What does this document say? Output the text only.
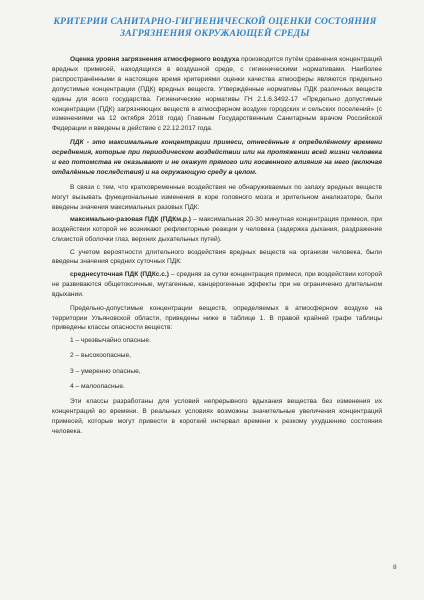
КРИТЕРИИ САНИТАРНО-ГИГИЕНИЧЕСКОЙ ОЦЕНКИ СОСТОЯНИЯ ЗАГРЯЗНЕНИЯ ОКРУЖАЮЩЕЙ СРЕДЫ

Оценка уровня загрязнения атмосферного воздуха производится путём сравнения концентраций вредных примесей, находящихся в воздушной среде, с гигиеническими нормативами. Наиболее распространёнными в настоящее время критериями оценки качества атмосферы являются предельно допустимые концентрации (ПДК) вредных веществ. Утверждённые нормативы ПДК различных веществ едины для всего государства. Гигиенические нормативы ГН 2.1.6.3492-17 «Предельно допустимые концентрации (ПДК) загрязняющих веществ в атмосферном воздухе городских и сельских поселений» (с изменениями на 12 октября 2018 года) Главным Государственным Санитарным врачом Российской Федерации и введены в действие с 22.12.2017 года.

ПДК - это максимальные концентрации примеси, отнесённые к определённому времени осреднения, которые при периодическом воздействии или на протяжении всей жизни человека и его потомства не оказывают и не окажут прямого или косвенного влияния на него (включая отдалённые последствия) и на окружающую среду в целом.

В связи с тем, что кратковременные воздействия не обнаруживаемых по запаху вредных веществ могут вызывать функциональные изменения в коре головного мозга и зрительном анализаторе, были введены значения максимальных разовых ПДК:

максимально-разовая ПДК (ПДКм.р.) – максимальная 20-30 минутная концентрация примеси, при воздействии которой не возникают рефлекторные реакции у человека (задержка дыхания, раздражение слизистой оболочки глаз, верхних дыхательных путей).

С учетом вероятности длительного воздействия вредных веществ на организм человека, были введены значения средних суточных ПДК:

среднесуточная ПДК (ПДКс.с.) – средняя за сутки концентрация примеси, при воздействии которой не развиваются общетоксичные, мутагенные, канцерогенные эффекты при не ограниченно длительном вдыхании.

Предельно-допустимые концентрации веществ, определяемых в атмосферном воздухе на территории Ульяновской области, приведены ниже в таблице 1. В правой крайней графе таблицы приведены классы опасности веществ:

1 – чрезвычайно опасные.
2 – высокоопасные,
3 – умеренно опасные,
4 – малоопасные.

Эти классы разработаны для условий непрерывного вдыхания вещества без изменения их концентраций во времени. В реальных условиях возможны значительные увеличения концентраций примесей, которые могут привести в короткий интервал времени к резкому ухудшению состояния человека.

8
